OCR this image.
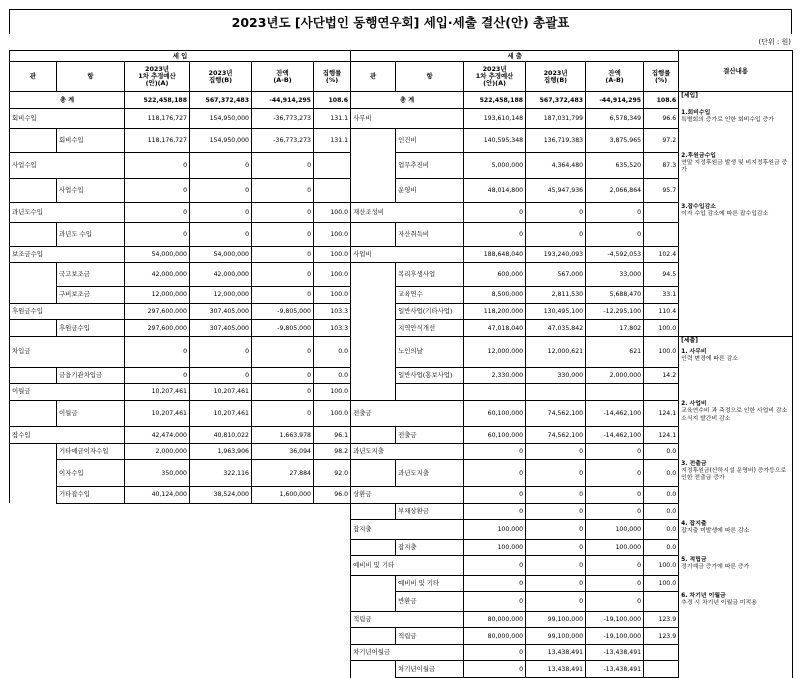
2023년도 [사단법인 동행연우회] 세입·세출 결산(안) 총괄표
(단위 : 원)
세 입						세 출						결산내용
관	항	2023년
1차 추경예산
(안)(A)	2023년
집행(B)	잔액
(A-B)	집행률
(%)	관	항	2023년
1차 추경예산
(안)(A)	2023년
집행(B)	잔액
(A-B)	집행률
(%)	
총 계		522,458,188	567,372,483	-44,914,295	108.6	총 계		522,458,188	567,372,483	-44,914,295	108.6	[세입]
회비수입		118,176,727	154,950,000	-36,773,273	131.1	사무비		193,610,148	187,031,799	6,578,349	96.6	1.회비수입
특별회의 증가로 인한 회비수입 증가

	회비수입	118,176,727	154,950,000	-36,773,273	131.1		인건비	140,595,348	136,719,383	3,875,965	97.2	
사업수입		0	0	0			업무추진비	5,000,000	4,364,480	635,520	87.3	2.후원금수입
연말 지정후원금 발생 및 비지정후원금 증가

	사업수입	0	0	0			운영비	48,014,800	45,947,936	2,066,864	95.7	
과년도수입		0	0	0	100.0	재산조성비		0	0	0		3.잡수입감소
이자 수입 감소에 따른 잡수입감소

	과년도 수입	0	0	0	100.0		자산취득비	0	0	0		
보조금수입		54,000,000	54,000,000	0	100.0	사업비		188,648,040	193,240,093	-4,592,053	102.4	
	국고보조금	42,000,000	42,000,000	0	100.0		복리후생사업	600,000	567,000	33,000	94.5	
	구비보조금	12,000,000	12,000,000	0	100.0		교육연수	8,500,000	2,811,530	5,688,470	33.1	
후원금수입		297,600,000	307,405,000	-9,805,000	103.3		일반사업(기타사업)	118,200,000	130,495,100	-12,295,100	110.4	
	후원금수입	297,600,000	307,405,000	-9,805,000	103.3		지역안식개선	47,018,040	47,035,842	17,802	100.0	
차입금		0	0	0	0.0		노인의날	12,000,000	12,000,621	621	100.0	[세출]
1. 사무비
인력 변경에 따른 감소

	금융기관차입금	0	0	0	0.0		일반사업(홍보사업)	2,330,000	330,000	2,000,000	14.2	
이월금		10,207,461	10,207,461	0	100.0							
	이월금	10,207,461	10,207,461	0	100.0	전출금		60,100,000	74,562,100	-14,462,100	124.1	2. 사업비
교육연수비 과 측정으로 인한 사업비 감소
소식지 발간비 감소

잡수입		42,474,000	40,810,022	1,663,978	96.1		전출금	60,100,000	74,562,100	-14,462,100	124.1	
	기타예금이자수입	2,000,000	1,963,906	36,094	98.2	과년도지출		0	0	0	0.0	
	이자수입	350,000	322,116	27,884	92.0		과년도지출	0	0	0	0.0	3. 전출금
지정후원금(산하시설 운영비) 증가등으로 인한 전출금 증가

	기타잡수입	40,124,000	38,524,000	1,600,000	96.0	상환금		0	0	0	0.0	
							부채상환금	0	0	0	0.0	
						잡지출		100,000	0	100,000	0.0	4. 잡지출
잡지출 미발생에 따른 감소

							잡지출	100,000	0	100,000	0.0	
						예비비 및 기타		0	0	0	100.0	5. 적립금
정기예금 증가에 따른 증가

							예비비 및 기타	0	0	0	100.0	
							반환금	0	0	0		6. 차기년 이월금
추경 시 차기년 이월금 미적용

						적립금		80,000,000	99,100,000	-19,100,000	123.9	
							적립금	80,000,000	99,100,000	-19,100,000	123.9	
						차기년이월금		0	13,438,491	-13,438,491		
							차기년이월금	0	13,438,491	-13,438,491		
